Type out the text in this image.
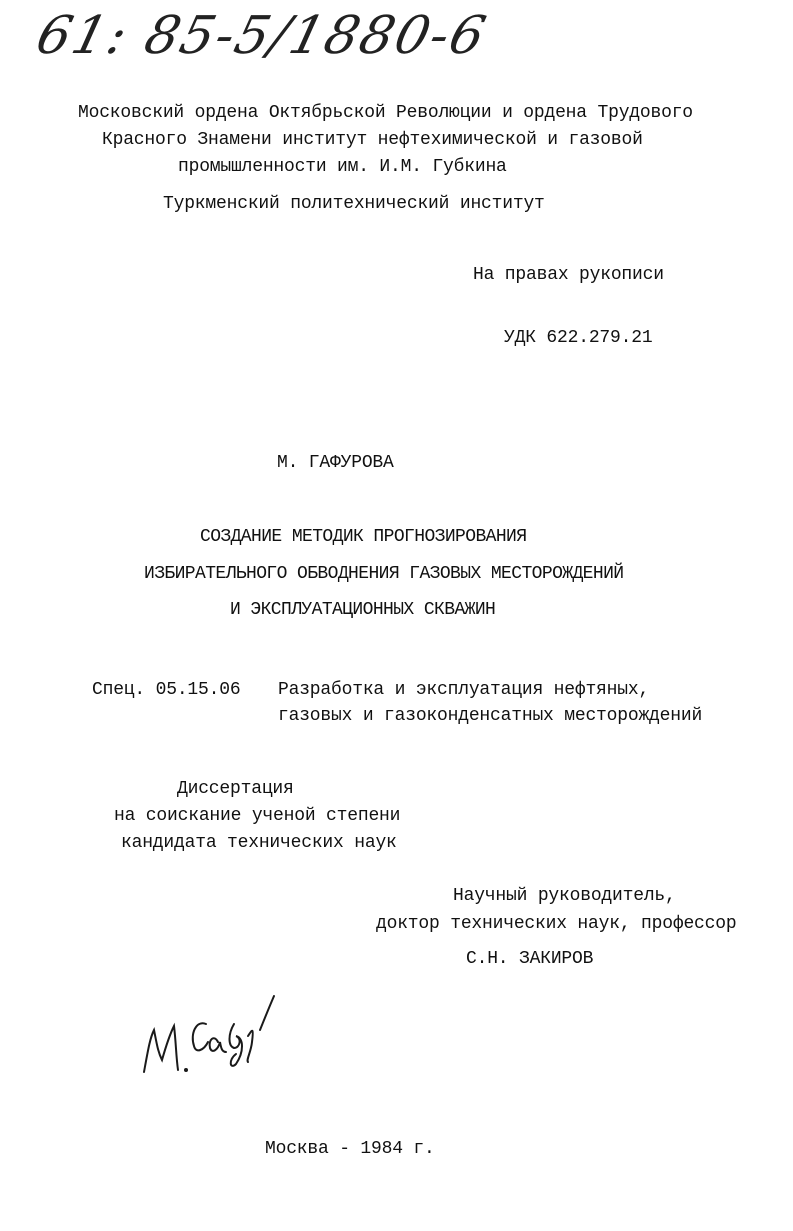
61: 85-5/1880-6
Московский ордена Октябрьской Революции и ордена Трудового
Красного Знамени институт нефтехимической и газовой
промышленности им. И.М. Губкина
Туркменский политехнический институт
На правах рукописи
УДК 622.279.21
М. ГАФУРОВА
СОЗДАНИЕ МЕТОДИК ПРОГНОЗИРОВАНИЯ
ИЗБИРАТЕЛЬНОГО ОБВОДНЕНИЯ ГАЗОВЫХ МЕСТОРОЖДЕНИЙ
И ЭКСПЛУАТАЦИОННЫХ СКВАЖИН
Спец. 05.15.06 Разработка и эксплуатация нефтяных,
газовых и газоконденсатных месторождений
Диссертация
на соискание ученой степени
кандидата технических наук
Научный руководитель,
доктор технических наук, профессор
С.Н. ЗАКИРОВ
Москва - 1984 г.
